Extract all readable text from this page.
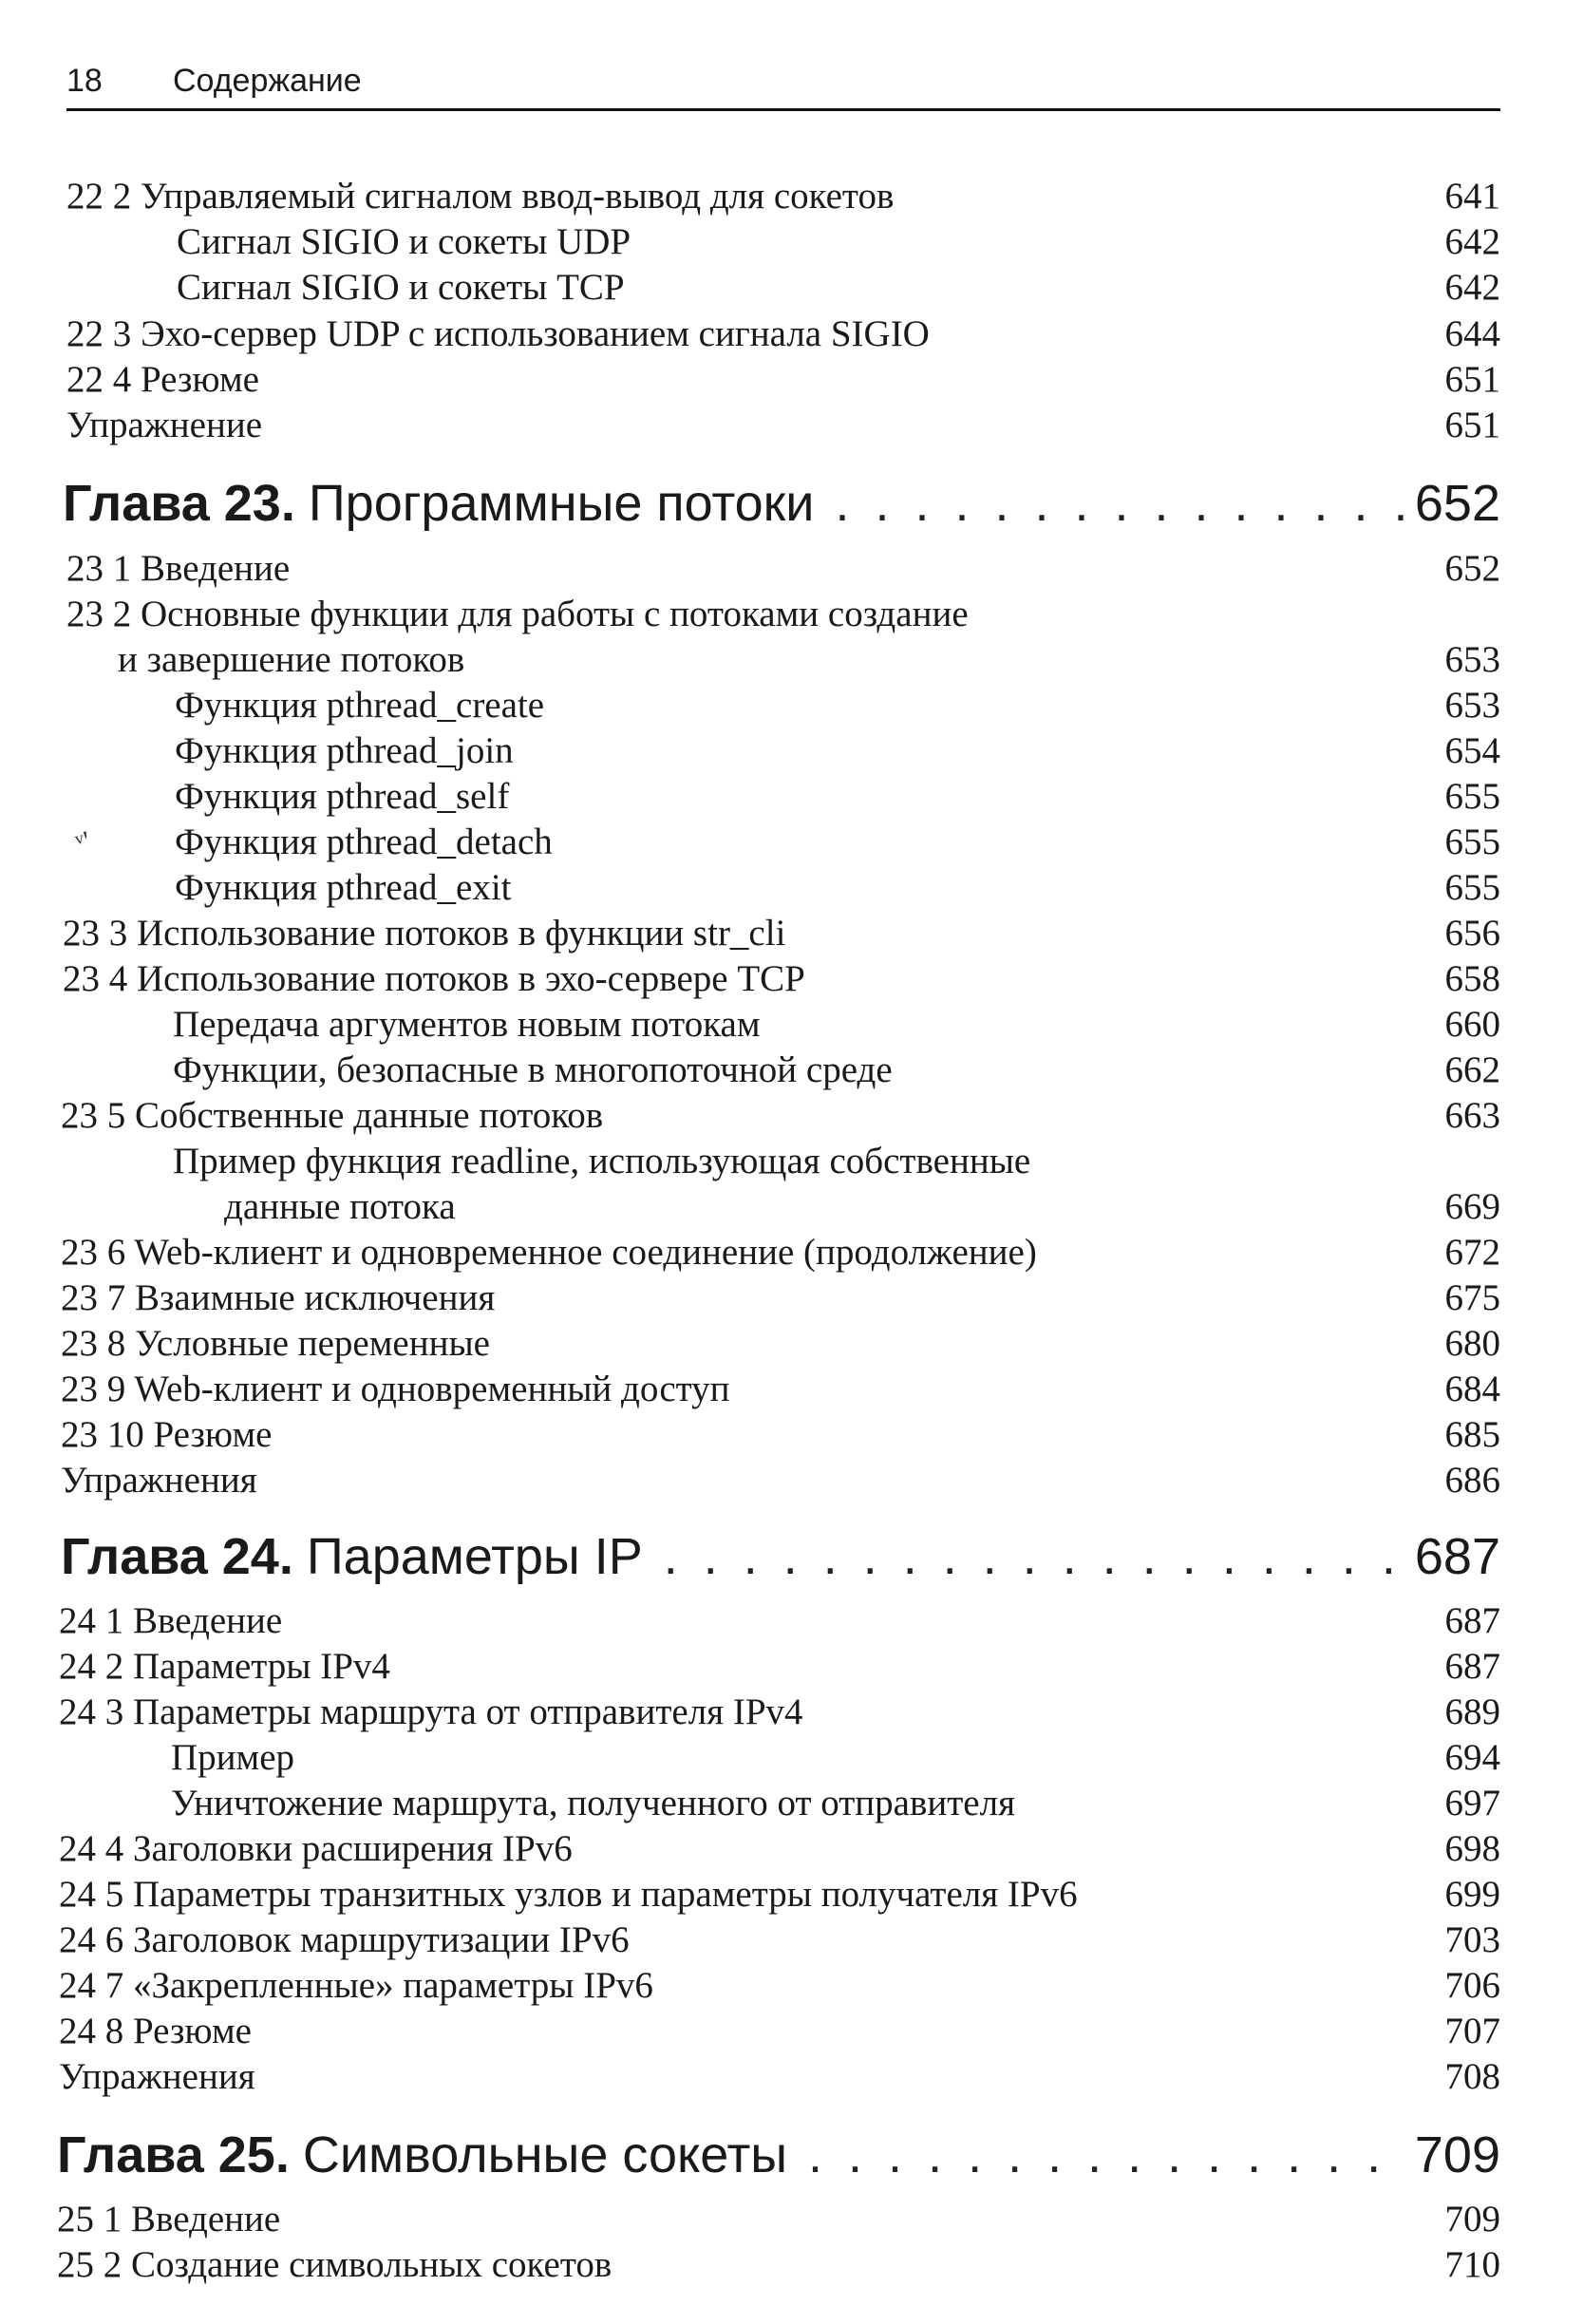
18 Содержание
ᵛ'
22 2 Управляемый сигналом ввод-вывод для сокетов	641
Сигнал SIGIO и сокеты UDP	642
Сигнал SIGIO и сокеты TCP	642
22 3 Эхо-сервер UDP с использованием сигнала SIGIO	644
22 4 Резюме	651
Упражнение	651
Глава 23. Программные потоки . . .	652
23 1 Введение	652
23 2 Основные функции для работы с потоками создание
и завершение потоков	653
Функция pthread_create	653
Функция pthread_join	654
Функция pthread_self	655
Функция pthread_detach	655
Функция pthread_exit	655
23 3 Использование потоков в функции str_cli	656
23 4 Использование потоков в эхо-сервере TCP	658
Передача аргументов новым потокам	660
Функции, безопасные в многопоточной среде	662
23 5 Собственные данные потоков	663
Пример функция readline, использующая собственные
данные потока	669
23 6 Web-клиент и одновременное соединение (продолжение)	672
23 7 Взаимные исключения	675
23 8 Условные переменные	680
23 9 Web-клиент и одновременный доступ	684
23 10 Резюме	685
Упражнения	686
Глава 24. Параметры IP . . .	687
24 1 Введение	687
24 2 Параметры IPv4	687
24 3 Параметры маршрута от отправителя IPv4	689
Пример	694
Уничтожение маршрута, полученного от отправителя	697
24 4 Заголовки расширения IPv6	698
24 5 Параметры транзитных узлов и параметры получателя IPv6	699
24 6 Заголовок маршрутизации IPv6	703
24 7 «Закрепленные» параметры IPv6	706
24 8 Резюме	707
Упражнения	708
Глава 25. Символьные сокеты . . .	709
25 1 Введение	709
25 2 Создание символьных сокетов	710
